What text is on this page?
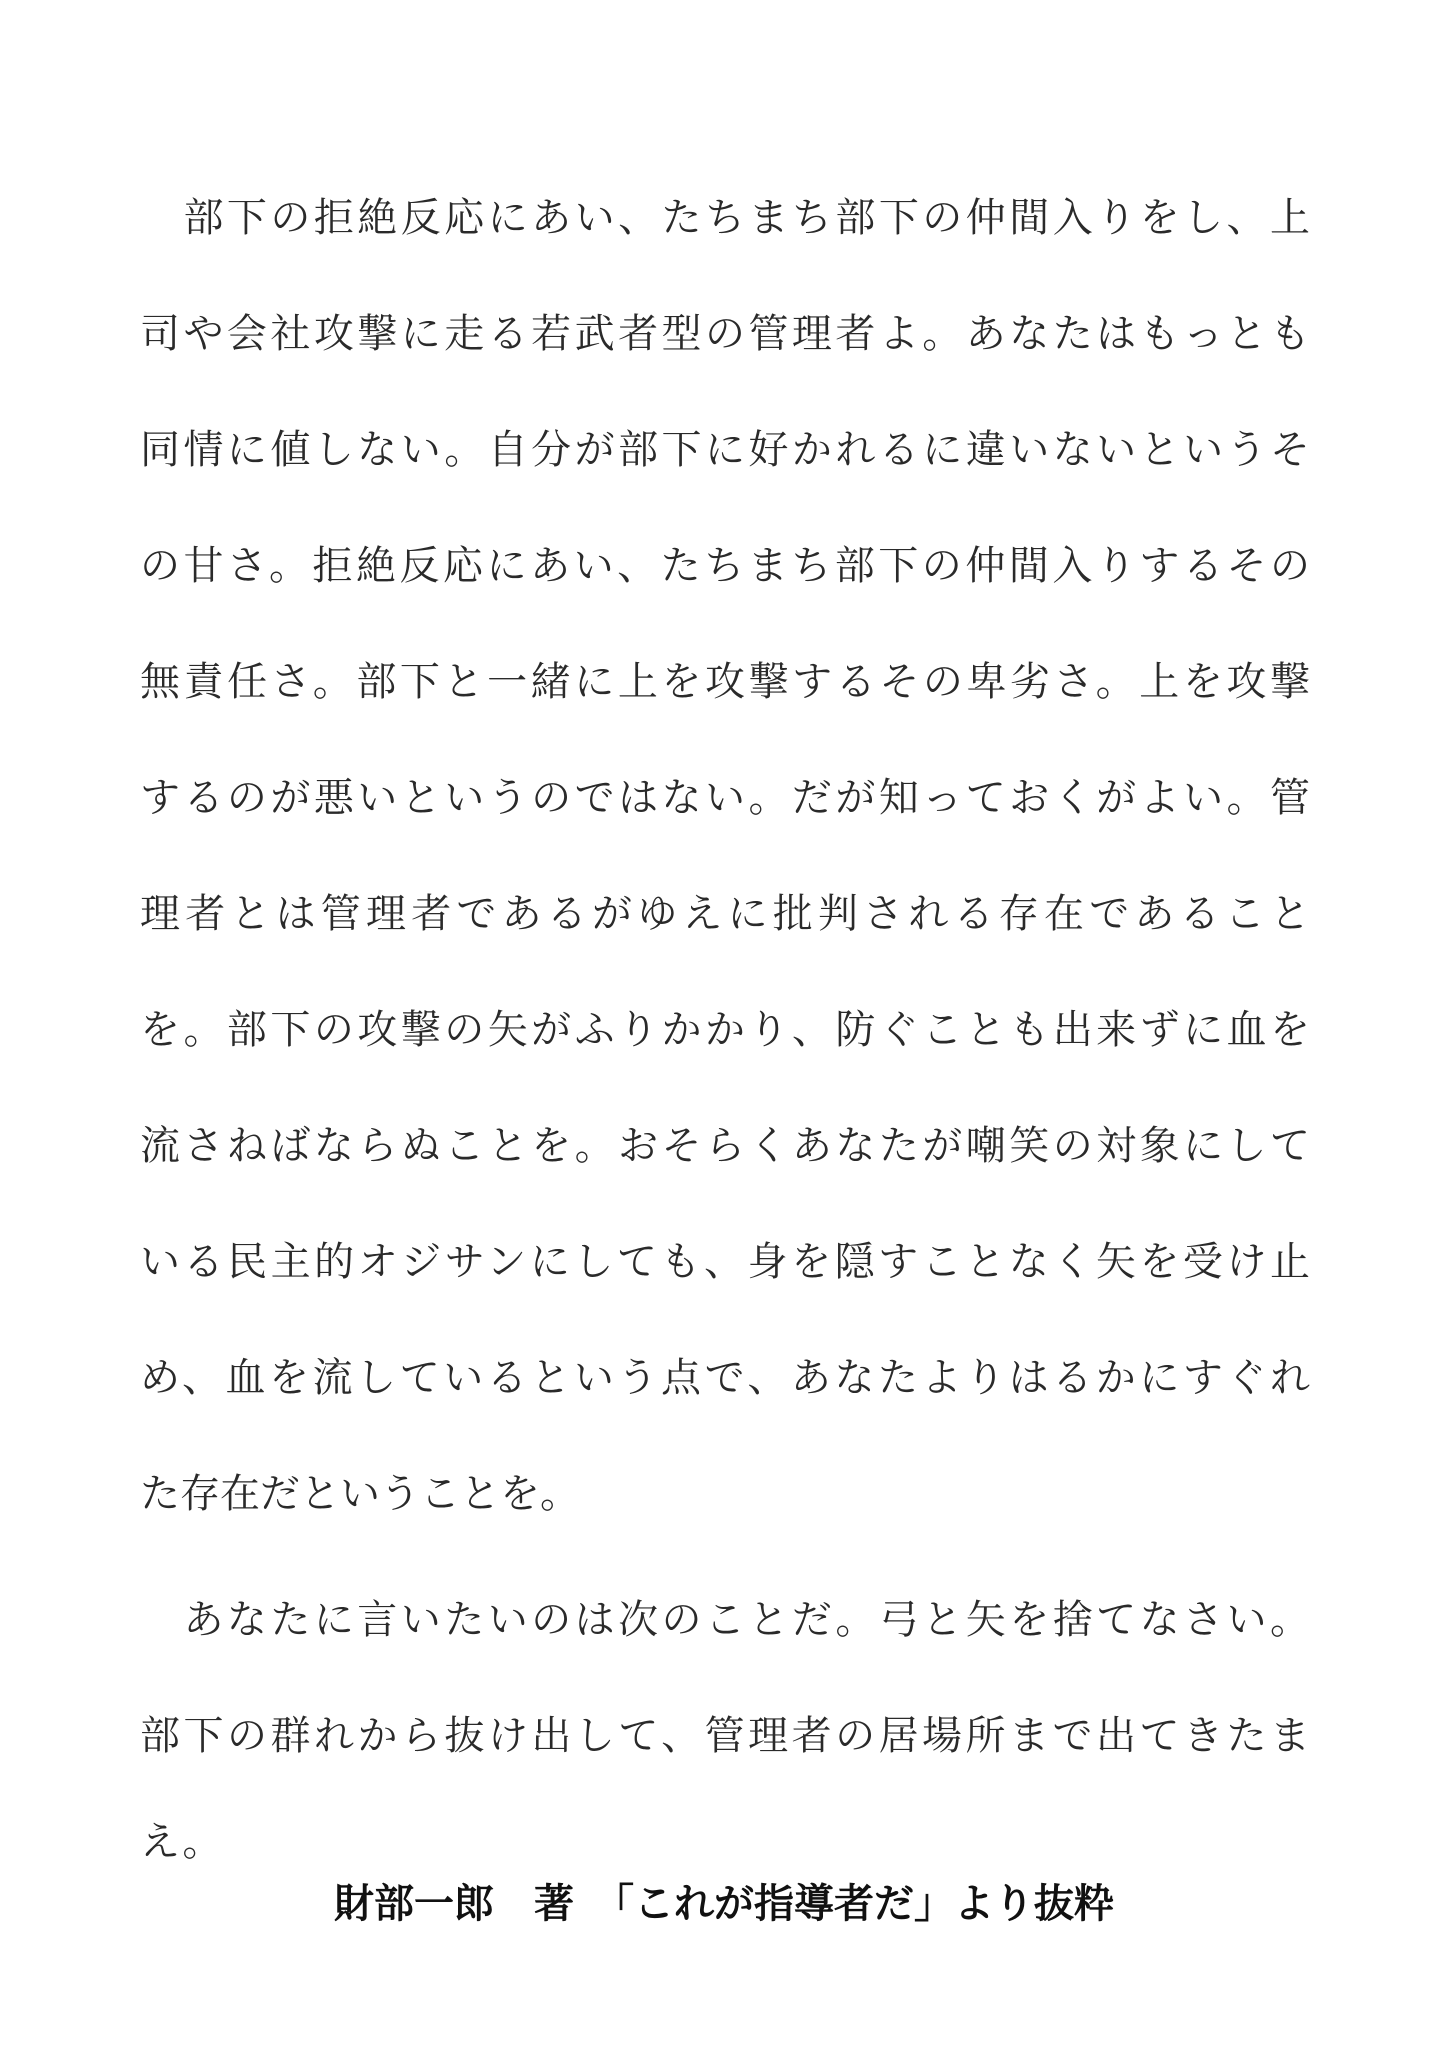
　部下の拒絶反応にあい、たちまち部下の仲間入りをし、上
司や会社攻撃に走る若武者型の管理者よ。あなたはもっとも
同情に値しない。自分が部下に好かれるに違いないというそ
の甘さ。拒絶反応にあい、たちまち部下の仲間入りするその
無責任さ。部下と一緒に上を攻撃するその卑劣さ。上を攻撃
するのが悪いというのではない。だが知っておくがよい。管
理者とは管理者であるがゆえに批判される存在であること
を。部下の攻撃の矢がふりかかり、防ぐことも出来ずに血を
流さねばならぬことを。おそらくあなたが嘲笑の対象にして
いる民主的オジサンにしても、身を隠すことなく矢を受け止
め、血を流しているという点で、あなたよりはるかにすぐれ
た存在だということを。
　あなたに言いたいのは次のことだ。弓と矢を捨てなさい。
部下の群れから抜け出して、管理者の居場所まで出てきたま
え。
財部一郎　著　「これが指導者だ」より抜粋
